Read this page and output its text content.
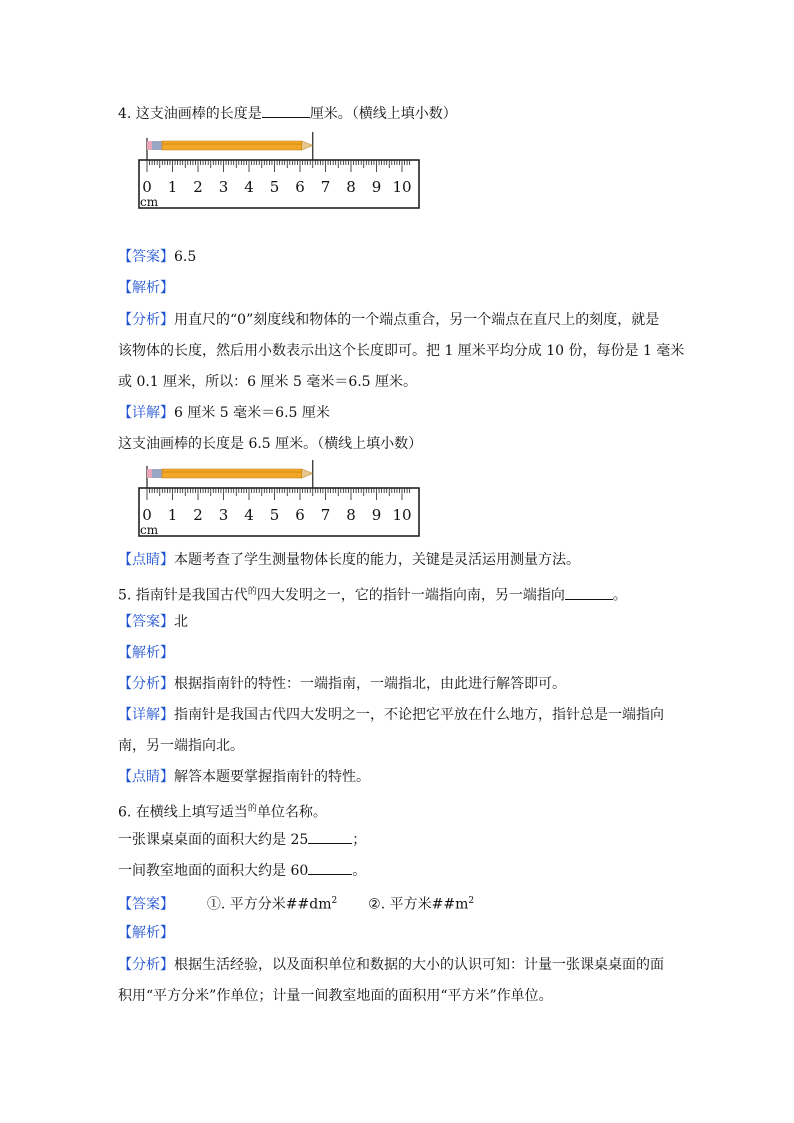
4. 这支油画棒的长度是	厘米。（横线上填小数）
0 1 2 3 4 5 6 7 8 9 10
cm
【答案】6.5
【解析】
【分析】用直尺的“0”刻度线和物体的一个端点重合，另一个端点在直尺上的刻度，就是
该物体的长度，然后用小数表示出这个长度即可。把 1 厘米平均分成 10 份，每份是 1 毫米
或 0.1 厘米，所以：6 厘米 5 毫米＝6.5 厘米。
【详解】6 厘米 5 毫米＝6.5 厘米
这支油画棒的长度是 6.5 厘米。（横线上填小数）
0 1 2 3 4 5 6 7 8 9 10
cm
【点睛】本题考查了学生测量物体长度的能力，关键是灵活运用测量方法。
5. 指南针是我国古代$^的$四大发明之一，它的指针一端指向南，另一端指向	。
【答案】北
【解析】
【分析】根据指南针的特性：一端指南，一端指北，由此进行解答即可。
【详解】指南针是我国古代四大发明之一，不论把它平放在什么地方，指针总是一端指向
南，另一端指向北。
【点睛】解答本题要掌握指南针的特性。
6. 在横线上填写适当$^的$单位名称。
一张课桌桌面的面积大约是 25	；
一间教室地面的面积大约是 60	。
【答案】 ①. 平方分米$\#\#dm^2$ ②. 平方米$\#\#m^2$
【解析】
【分析】根据生活经验，以及面积单位和数据的大小的认识可知：计量一张课桌桌面的面
积用“平方分米”作单位；计量一间教室地面的面积用“平方米”作单位。
